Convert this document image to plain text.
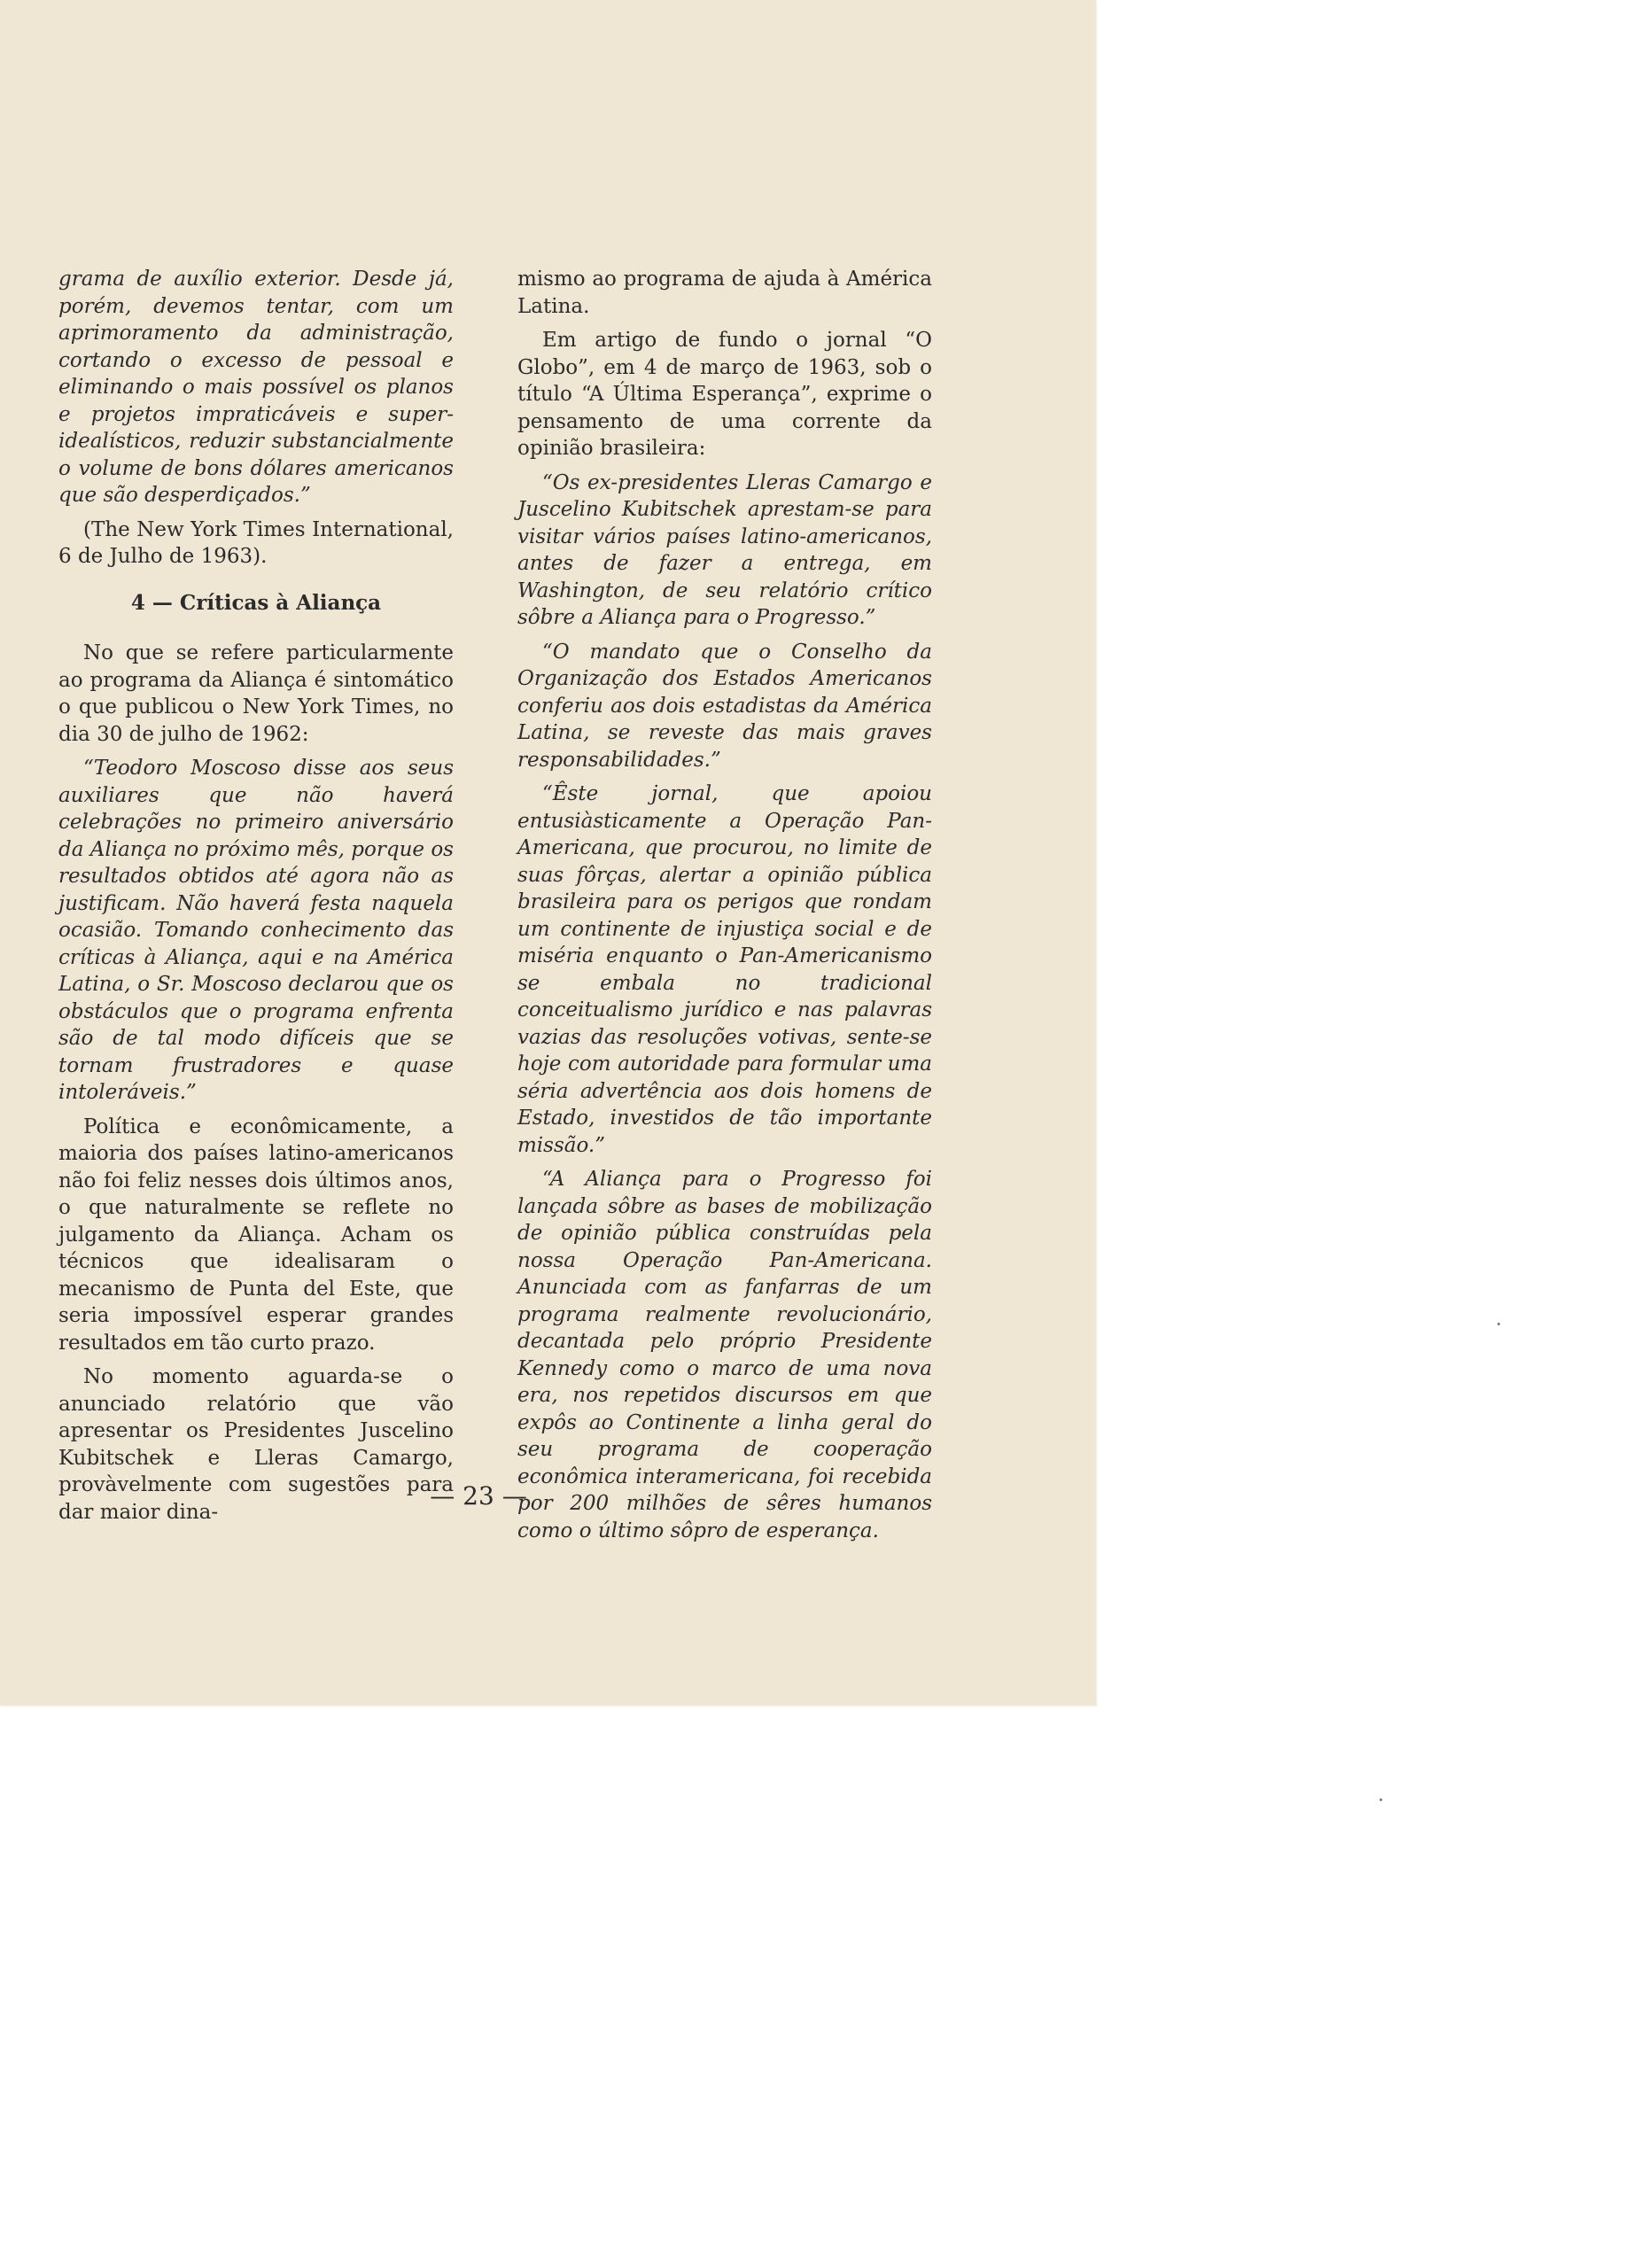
grama de auxílio exterior. Desde já, porém, devemos tentar, com um aprimoramento da administração, cortando o excesso de pessoal e eliminando o mais possível os planos e projetos impraticáveis e super-idealísticos, reduzir substancialmente o volume de bons dólares americanos que são desperdiçados.”

(The New York Times International, 6 de Julho de 1963).

4 — Críticas à Aliança

No que se refere particularmente ao programa da Aliança é sintomático o que publicou o New York Times, no dia 30 de julho de 1962:

“Teodoro Moscoso disse aos seus auxiliares que não haverá celebrações no primeiro aniversário da Aliança no próximo mês, porque os resultados obtidos até agora não as justificam. Não haverá festa naquela ocasião. Tomando conhecimento das críticas à Aliança, aqui e na América Latina, o Sr. Moscoso declarou que os obstáculos que o programa enfrenta são de tal modo difíceis que se tornam frustradores e quase intoleráveis.”

Política e econômicamente, a maioria dos países latino-americanos não foi feliz nesses dois últimos anos, o que naturalmente se reflete no julgamento da Aliança. Acham os técnicos que idealisaram o mecanismo de Punta del Este, que seria impossível esperar grandes resultados em tão curto prazo.

No momento aguarda-se o anunciado relatório que vão apresentar os Presidentes Juscelino Kubitschek e Lleras Camargo, provàvelmente com sugestões para dar maior dina-

mismo ao programa de ajuda à América Latina.

Em artigo de fundo o jornal “O Globo”, em 4 de março de 1963, sob o título “A Última Esperança”, exprime o pensamento de uma corrente da opinião brasileira:

“Os ex-presidentes Lleras Camargo e Juscelino Kubitschek aprestam-se para visitar vários países latino-americanos, antes de fazer a entrega, em Washington, de seu relatório crítico sôbre a Aliança para o Progresso.”

“O mandato que o Conselho da Organização dos Estados Americanos conferiu aos dois estadistas da América Latina, se reveste das mais graves responsabilidades.”

“Êste jornal, que apoiou entusiàsticamente a Operação Pan-Americana, que procurou, no limite de suas fôrças, alertar a opinião pública brasileira para os perigos que rondam um continente de injustiça social e de miséria enquanto o Pan-Americanismo se embala no tradicional conceitualismo jurídico e nas palavras vazias das resoluções votivas, sente-se hoje com autoridade para formular uma séria advertência aos dois homens de Estado, investidos de tão importante missão.”

“A Aliança para o Progresso foi lançada sôbre as bases de mobilização de opinião pública construídas pela nossa Operação Pan-Americana. Anunciada com as fanfarras de um programa realmente revolucionário, decantada pelo próprio Presidente Kennedy como o marco de uma nova era, nos repetidos discursos em que expôs ao Continente a linha geral do seu programa de cooperação econômica interamericana, foi recebida por 200 milhões de sêres humanos como o último sôpro de esperança.

— 23 —
